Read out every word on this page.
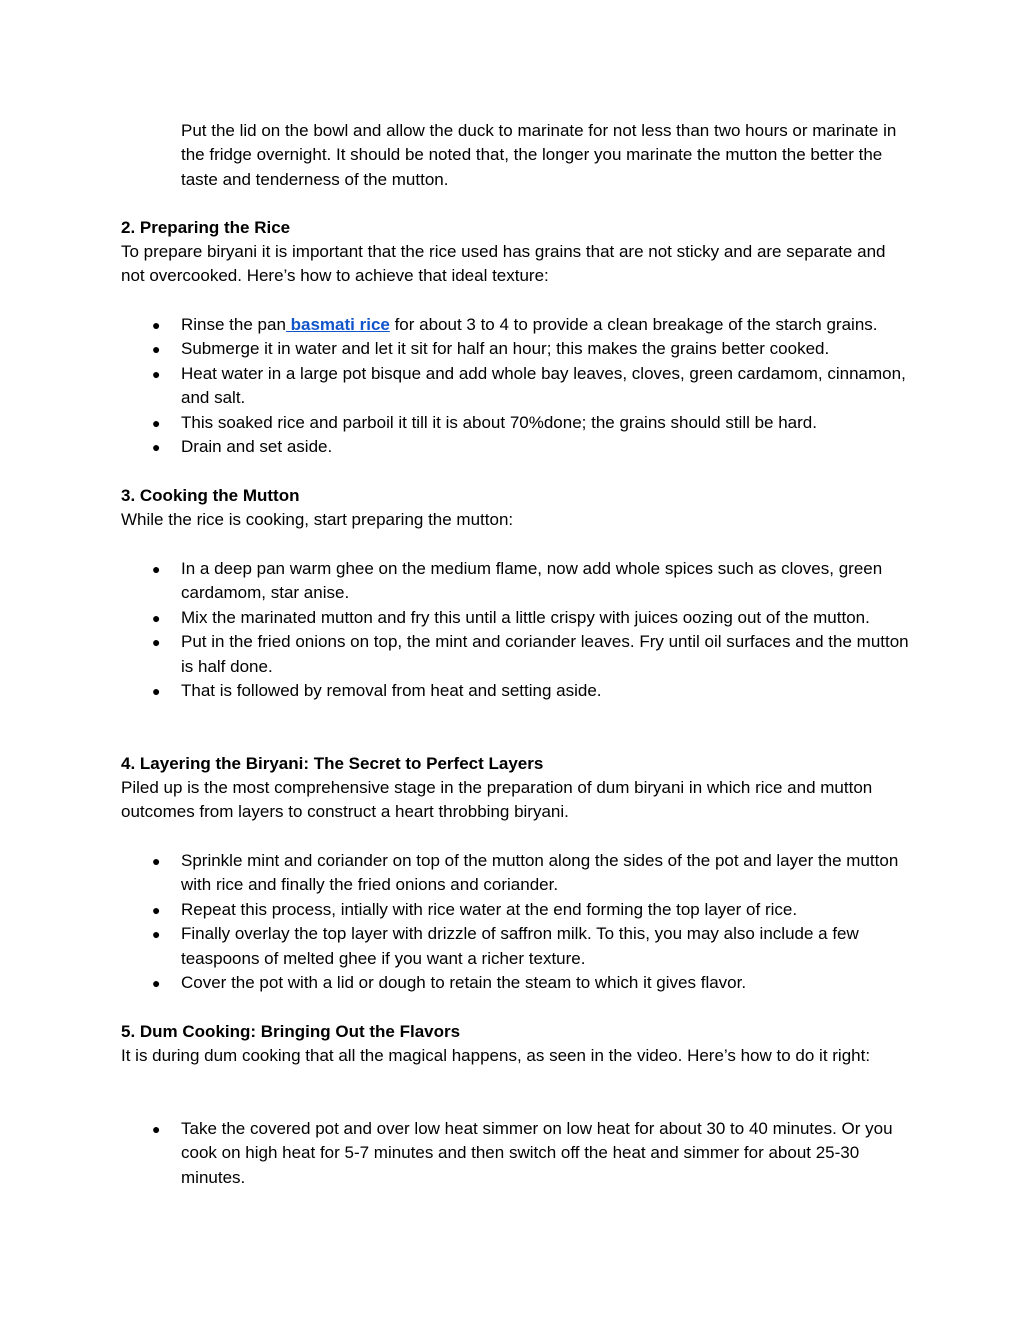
Put the lid on the bowl and allow the duck to marinate for not less than two hours or marinate in the fridge overnight. It should be noted that, the longer you marinate the mutton the better the taste and tenderness of the mutton.

2. Preparing the Rice

To prepare biryani it is important that the rice used has grains that are not sticky and are separate and not overcooked. Here’s how to achieve that ideal texture:

● Rinse the pan basmati rice for about 3 to 4 to provide a clean breakage of the starch grains.
● Submerge it in water and let it sit for half an hour; this makes the grains better cooked.
● Heat water in a large pot bisque and add whole bay leaves, cloves, green cardamom, cinnamon, and salt.
● This soaked rice and parboil it till it is about 70%done; the grains should still be hard.
● Drain and set aside.

3. Cooking the Mutton

While the rice is cooking, start preparing the mutton:

● In a deep pan warm ghee on the medium flame, now add whole spices such as cloves, green cardamom, star anise.
● Mix the marinated mutton and fry this until a little crispy with juices oozing out of the mutton.
● Put in the fried onions on top, the mint and coriander leaves. Fry until oil surfaces and the mutton is half done.
● That is followed by removal from heat and setting aside.

4. Layering the Biryani: The Secret to Perfect Layers

Piled up is the most comprehensive stage in the preparation of dum biryani in which rice and mutton outcomes from layers to construct a heart throbbing biryani.

● Sprinkle mint and coriander on top of the mutton along the sides of the pot and layer the mutton with rice and finally the fried onions and coriander.
● Repeat this process, intially with rice water at the end forming the top layer of rice.
● Finally overlay the top layer with drizzle of saffron milk. To this, you may also include a few teaspoons of melted ghee if you want a richer texture.
● Cover the pot with a lid or dough to retain the steam to which it gives flavor.

5. Dum Cooking: Bringing Out the Flavors

It is during dum cooking that all the magical happens, as seen in the video. Here’s how to do it right:

● Take the covered pot and over low heat simmer on low heat for about 30 to 40 minutes. Or you cook on high heat for 5-7 minutes and then switch off the heat and simmer for about 25-30 minutes.
